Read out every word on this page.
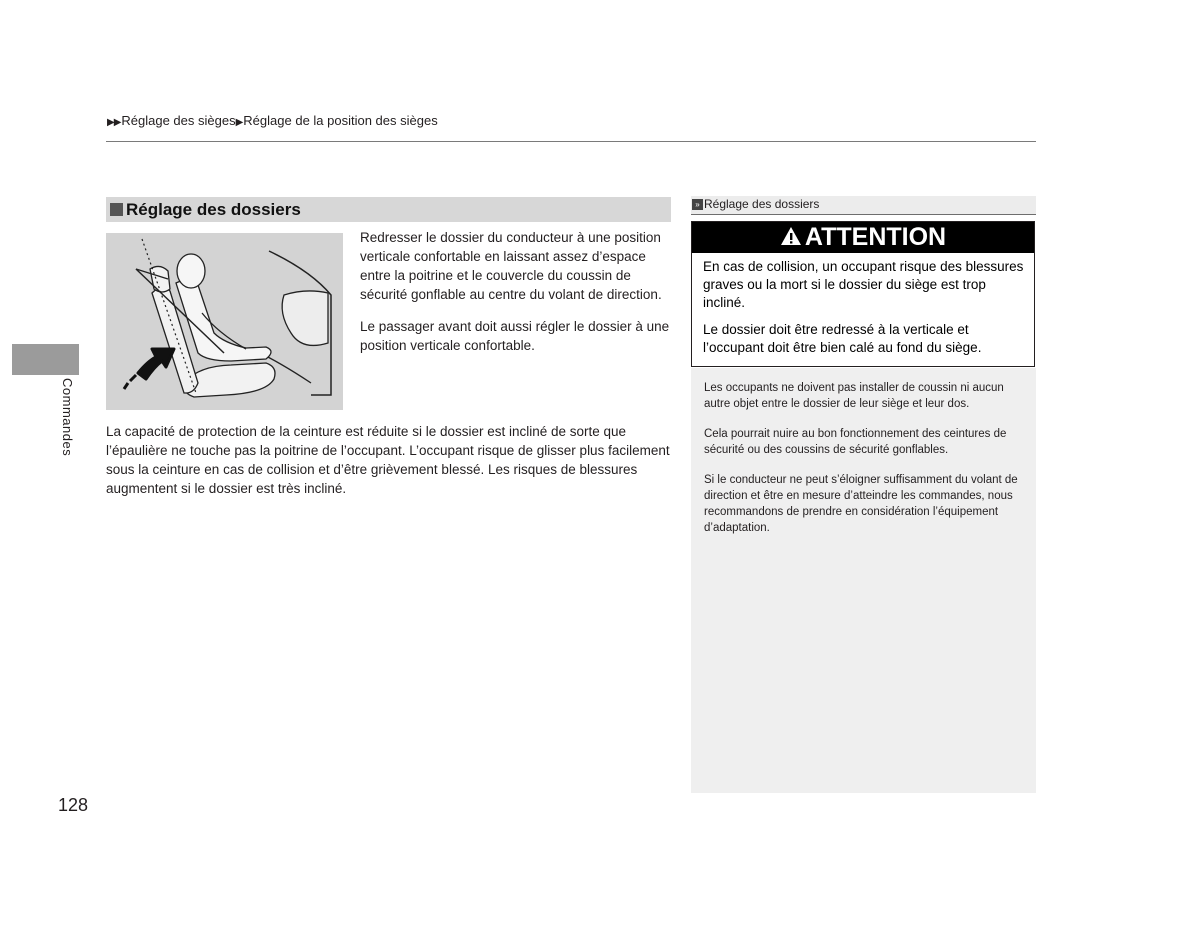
▶▶Réglage des sièges▶Réglage de la position des sièges
Réglage des dossiers
Redresser le dossier du conducteur à une position verticale confortable en laissant assez d’espace entre la poitrine et le couvercle du coussin de sécurité gonflable au centre du volant de direction.
Le passager avant doit aussi régler le dossier à une position verticale confortable.
La capacité de protection de la ceinture est réduite si le dossier est incliné de sorte que l’épaulière ne touche pas la poitrine de l’occupant. L’occupant risque de glisser plus facilement sous la ceinture en cas de collision et d’être grièvement blessé. Les risques de blessures augmentent si le dossier est très incliné.
Commandes
128
» Réglage des dossiers
ATTENTION
En cas de collision, un occupant risque des blessures graves ou la mort si le dossier du siège est trop incliné.
Le dossier doit être redressé à la verticale et l’occupant doit être bien calé au fond du siège.
Les occupants ne doivent pas installer de coussin ni aucun autre objet entre le dossier de leur siège et leur dos.
Cela pourrait nuire au bon fonctionnement des ceintures de sécurité ou des coussins de sécurité gonflables.
Si le conducteur ne peut s’éloigner suffisamment du volant de direction et être en mesure d’atteindre les commandes, nous recommandons de prendre en considération l’équipement d’adaptation.
